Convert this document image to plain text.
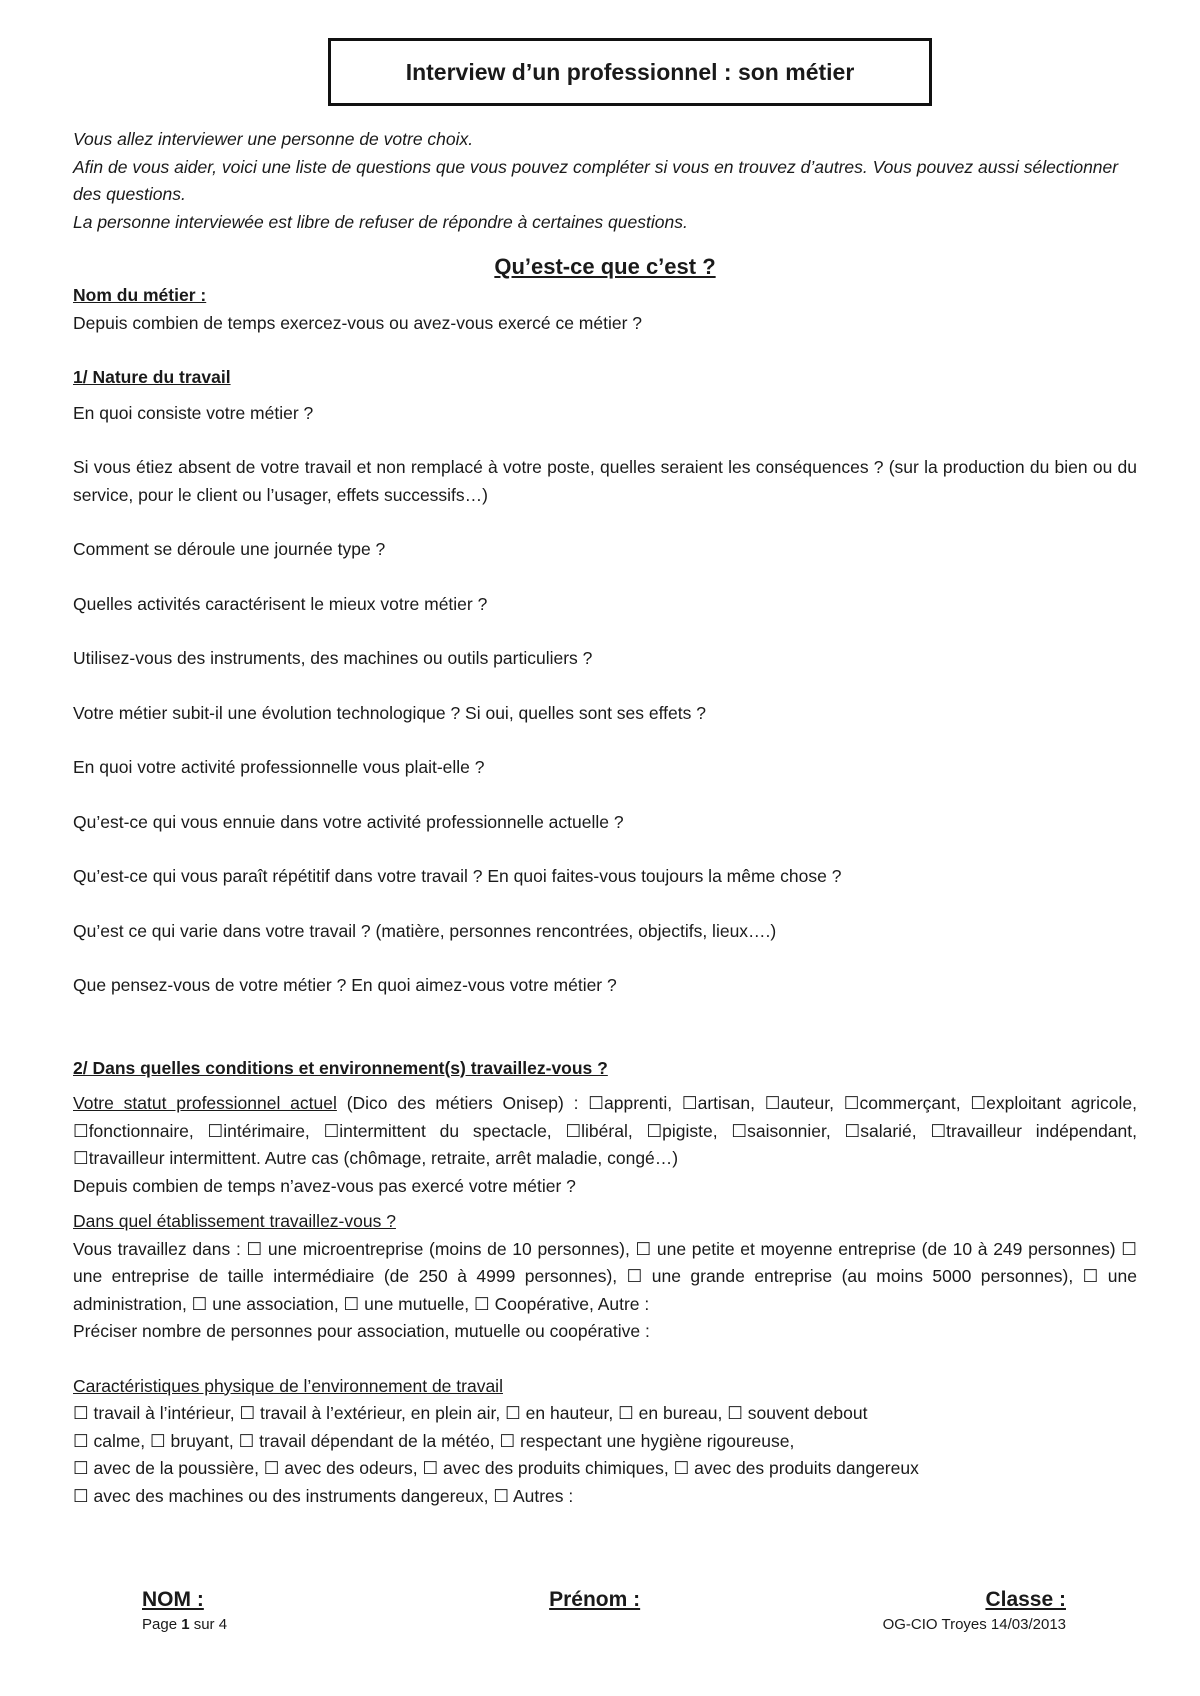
Interview d’un professionnel : son métier

Vous allez interviewer une personne de votre choix.

Afin de vous aider, voici une liste de questions que vous pouvez compléter si vous en trouvez d’autres. Vous pouvez aussi sélectionner des questions.

La personne interviewée est libre de refuser de répondre à certaines questions.

Qu’est-ce que c’est ?

Nom du métier :

Depuis combien de temps exercez-vous ou avez-vous exercé ce métier ?

1/ Nature du travail

En quoi consiste votre métier ?

Si vous étiez absent de votre travail et non remplacé à votre poste, quelles seraient les conséquences ? (sur la production du bien ou du service, pour le client ou l’usager, effets successifs…)

Comment se déroule une journée type ?

Quelles activités caractérisent le mieux votre métier ?

Utilisez-vous des instruments, des machines ou outils particuliers ?

Votre métier subit-il une évolution technologique ? Si oui, quelles sont ses effets ?

En quoi votre activité professionnelle vous plait-elle ?

Qu’est-ce qui vous ennuie dans votre activité professionnelle actuelle ?

Qu’est-ce qui vous paraît répétitif dans votre travail ? En quoi faites-vous toujours la même chose ?

Qu’est ce qui varie dans votre travail ? (matière, personnes rencontrées, objectifs, lieux….)

Que pensez-vous de votre métier ? En quoi aimez-vous votre métier ?

2/ Dans quelles conditions et environnement(s) travaillez-vous ?

Votre statut professionnel actuel (Dico des métiers Onisep) : ☐apprenti, ☐artisan, ☐auteur, ☐commerçant, ☐exploitant agricole, ☐fonctionnaire, ☐intérimaire, ☐intermittent du spectacle, ☐libéral, ☐pigiste, ☐saisonnier, ☐salarié, ☐travailleur indépendant, ☐travailleur intermittent. Autre cas (chômage, retraite, arrêt maladie, congé…)

Depuis combien de temps n’avez-vous pas exercé votre métier ?

Dans quel établissement travaillez-vous ?

Vous travaillez dans : ☐ une microentreprise (moins de 10 personnes), ☐ une petite et moyenne entreprise (de 10 à 249 personnes) ☐ une entreprise de taille intermédiaire (de 250 à 4999 personnes), ☐ une grande entreprise (au moins 5000 personnes), ☐ une administration, ☐ une association, ☐ une mutuelle, ☐ Coopérative, Autre :

Préciser nombre de personnes pour association, mutuelle ou coopérative :

Caractéristiques physique de l’environnement de travail

☐ travail à l’intérieur, ☐ travail à l’extérieur, en plein air, ☐ en hauteur, ☐ en bureau, ☐ souvent debout

☐ calme, ☐ bruyant, ☐ travail dépendant de la météo, ☐ respectant une hygiène rigoureuse,

☐ avec de la poussière, ☐ avec des odeurs, ☐ avec des produits chimiques, ☐ avec des produits dangereux

☐ avec des machines ou des instruments dangereux, ☐ Autres :

NOM :	Prénom :	Classe :
Page 1 sur 4	OG-CIO Troyes 14/03/2013
